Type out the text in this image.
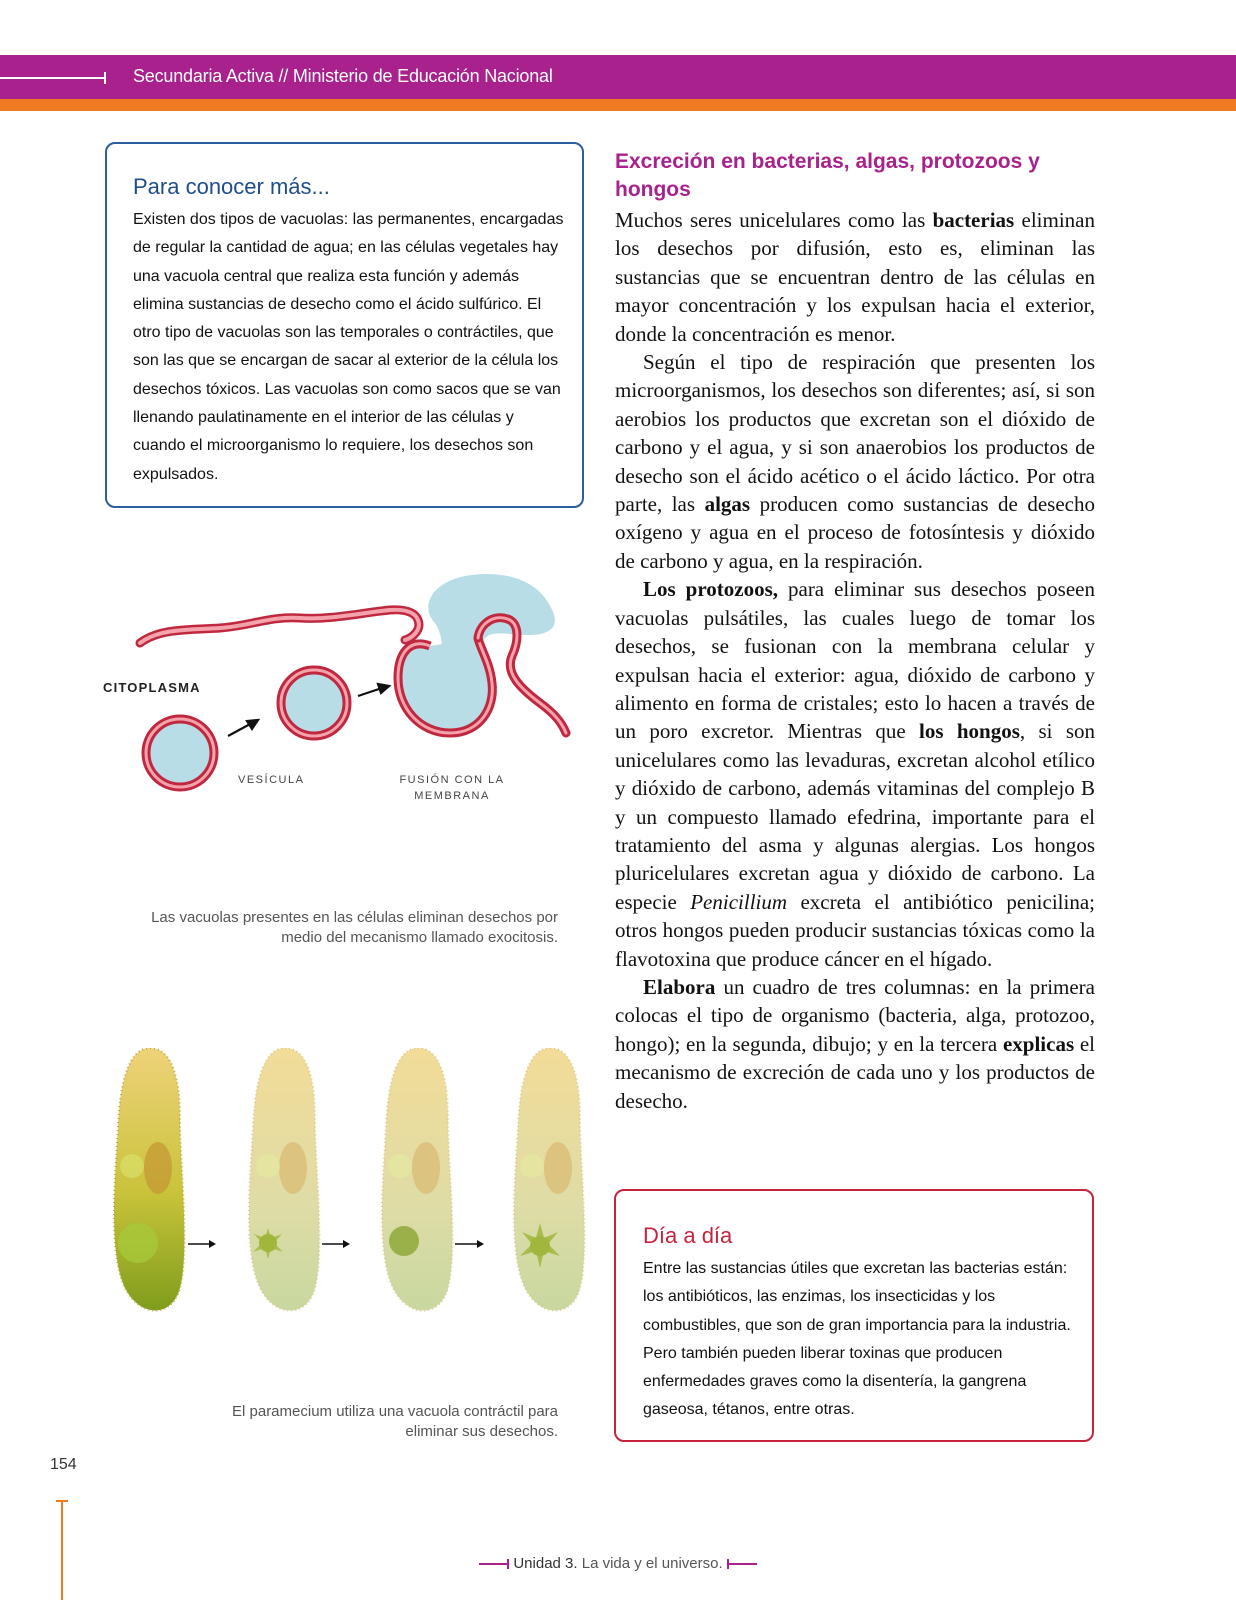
Secundaria Activa // Ministerio de Educación Nacional
Para conocer más...

Existen dos tipos de vacuolas: las permanentes, encargadas de regular la cantidad de agua; en las células vegetales hay una vacuola central que realiza esta función y además elimina sustancias de desecho como el ácido sulfúrico. El otro tipo de vacuolas son las temporales o contráctiles, que son las que se encargan de sacar al exterior de la célula los desechos tóxicos. Las vacuolas son como sacos que se van llenando paulatinamente en el interior de las células y cuando el microorganismo lo requiere, los desechos son expulsados.

CITOPLASMA
VESÍCULA	FUSIÓN CON LA
MEMBRANA
Las vacuolas presentes en las células eliminan desechos por medio del mecanismo llamado exocitosis.
El paramecium utiliza una vacuola contráctil para eliminar sus desechos.
Excreción en bacterias, algas, protozoos y hongos

Muchos seres unicelulares como las bacterias eliminan los desechos por difusión, esto es, eliminan las sustancias que se encuentran dentro de las células en mayor concentración y los expulsan hacia el exterior, donde la concentración es menor.

Según el tipo de respiración que presenten los microorganismos, los desechos son diferentes; así, si son aerobios los productos que excretan son el dióxido de carbono y el agua, y si son anaerobios los productos de desecho son el ácido acético o el ácido láctico. Por otra parte, las algas producen como sustancias de desecho oxígeno y agua en el proceso de fotosíntesis y dióxido de carbono y agua, en la respiración.

Los protozoos, para eliminar sus desechos poseen vacuolas pulsátiles, las cuales luego de tomar los desechos, se fusionan con la membrana celular y expulsan hacia el exterior: agua, dióxido de carbono y alimento en forma de cristales; esto lo hacen a través de un poro excretor. Mientras que los hongos, si son unicelulares como las levaduras, excretan alcohol etílico y dióxido de carbono, además vitaminas del complejo B y un compuesto llamado efedrina, importante para el tratamiento del asma y algunas alergias. Los hongos pluricelulares excretan agua y dióxido de carbono. La especie Penicillium excreta el antibiótico penicilina; otros hongos pueden producir sustancias tóxicas como la flavotoxina que produce cáncer en el hígado.

Elabora un cuadro de tres columnas: en la primera colocas el tipo de organismo (bacteria, alga, protozoo, hongo); en la segunda, dibujo; y en la tercera explicas el mecanismo de excreción de cada uno y los productos de desecho.

Día a día

Entre las sustancias útiles que excretan las bacterias están: los antibióticos, las enzimas, los insecticidas y los combustibles, que son de gran importancia para la industria. Pero también pueden liberar toxinas que producen enfermedades graves como la disentería, la gangrena gaseosa, tétanos, entre otras.

154
Unidad 3. La vida y el universo.
